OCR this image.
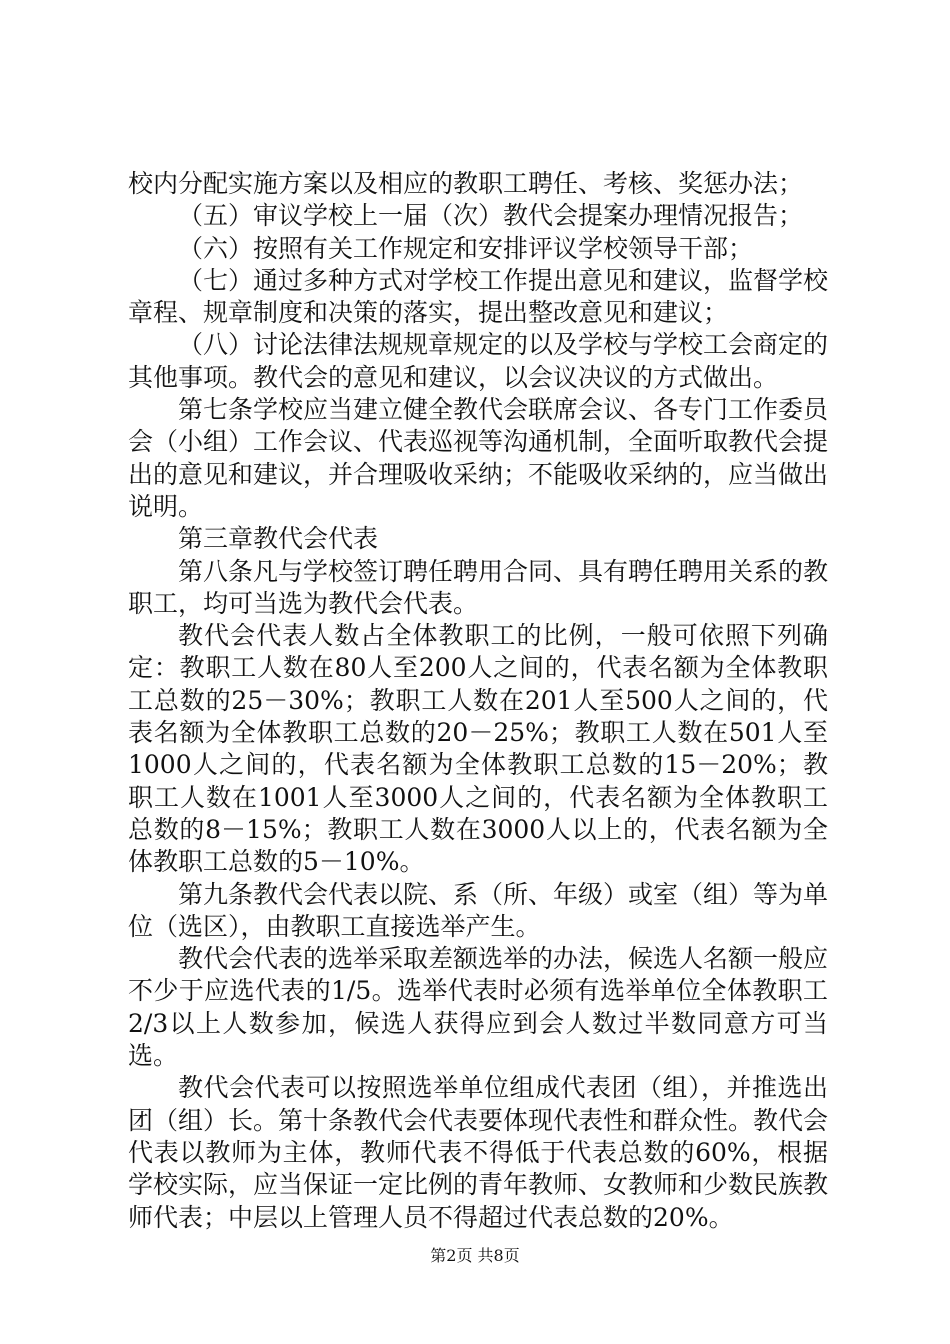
校内分配实施方案以及相应的教职工聘任、考核、奖惩办法；

（五）审议学校上一届（次）教代会提案办理情况报告；

（六）按照有关工作规定和安排评议学校领导干部；

（七）通过多种方式对学校工作提出意见和建议，监督学校章程、规章制度和决策的落实，提出整改意见和建议；

（八）讨论法律法规规章规定的以及学校与学校工会商定的其他事项。教代会的意见和建议，以会议决议的方式做出。

第七条学校应当建立健全教代会联席会议、各专门工作委员会（小组）工作会议、代表巡视等沟通机制，全面听取教代会提出的意见和建议，并合理吸收采纳；不能吸收采纳的，应当做出说明。

第三章教代会代表

第八条凡与学校签订聘任聘用合同、具有聘任聘用关系的教职工，均可当选为教代会代表。

教代会代表人数占全体教职工的比例，一般可依照下列确定：教职工人数在80人至200人之间的，代表名额为全体教职工总数的25－30%；教职工人数在201人至500人之间的，代表名额为全体教职工总数的20－25%；教职工人数在501人至1000人之间的，代表名额为全体教职工总数的15－20%；教职工人数在1001人至3000人之间的，代表名额为全体教职工总数的8－15%；教职工人数在3000人以上的，代表名额为全体教职工总数的5－10%。

第九条教代会代表以院、系（所、年级）或室（组）等为单位（选区），由教职工直接选举产生。

教代会代表的选举采取差额选举的办法，候选人名额一般应不少于应选代表的1/5。选举代表时必须有选举单位全体教职工2/3以上人数参加，候选人获得应到会人数过半数同意方可当选。

教代会代表可以按照选举单位组成代表团（组），并推选出团（组）长。第十条教代会代表要体现代表性和群众性。教代会代表以教师为主体，教师代表不得低于代表总数的60%，根据学校实际，应当保证一定比例的青年教师、女教师和少数民族教师代表；中层以上管理人员不得超过代表总数的20%。

第2页 共8页
